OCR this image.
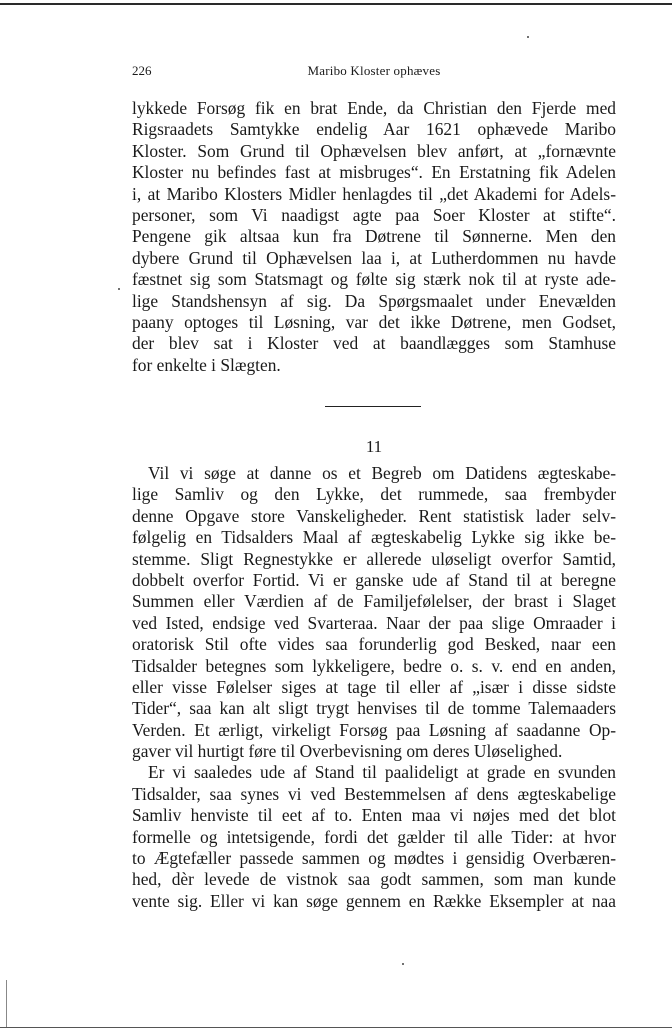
226	Maribo Kloster ophæves
lykkede Forsøg fik en brat Ende, da Christian den Fjerde med
Rigsraadets Samtykke endelig Aar 1621 ophævede Maribo
Kloster. Som Grund til Ophævelsen blev anført, at „fornævnte
Kloster nu befindes fast at misbruges“. En Erstatning fik Adelen
i, at Maribo Klosters Midler henlagdes til „det Akademi for Adels-
personer, som Vi naadigst agte paa Soer Kloster at stifte“.
Pengene gik altsaa kun fra Døtrene til Sønnerne. Men den
dybere Grund til Ophævelsen laa i, at Lutherdommen nu havde
fæstnet sig som Statsmagt og følte sig stærk nok til at ryste ade-
lige Standshensyn af sig. Da Spørgsmaalet under Enevælden
paany optoges til Løsning, var det ikke Døtrene, men Godset,
der blev sat i Kloster ved at baandlægges som Stamhuse
for enkelte i Slægten.
11
Vil vi søge at danne os et Begreb om Datidens ægteskabe-
lige Samliv og den Lykke, det rummede, saa frembyder
denne Opgave store Vanskeligheder. Rent statistisk lader selv-
følgelig en Tidsalders Maal af ægteskabelig Lykke sig ikke be-
stemme. Sligt Regnestykke er allerede uløseligt overfor Samtid,
dobbelt overfor Fortid. Vi er ganske ude af Stand til at beregne
Summen eller Værdien af de Familjefølelser, der brast i Slaget
ved Isted, endsige ved Svarteraa. Naar der paa slige Omraader i
oratorisk Stil ofte vides saa forunderlig god Besked, naar een
Tidsalder betegnes som lykkeligere, bedre o. s. v. end en anden,
eller visse Følelser siges at tage til eller af „især i disse sidste
Tider“, saa kan alt sligt trygt henvises til de tomme Talemaaders
Verden. Et ærligt, virkeligt Forsøg paa Løsning af saadanne Op-
gaver vil hurtigt føre til Overbevisning om deres Uløselighed.
Er vi saaledes ude af Stand til paalideligt at grade en svunden
Tidsalder, saa synes vi ved Bestemmelsen af dens ægteskabelige
Samliv henviste til eet af to. Enten maa vi nøjes med det blot
formelle og intetsigende, fordi det gælder til alle Tider: at hvor
to Ægtefæller passede sammen og mødtes i gensidig Overbæren-
hed, dèr levede de vistnok saa godt sammen, som man kunde
vente sig. Eller vi kan søge gennem en Række Eksempler at naa
